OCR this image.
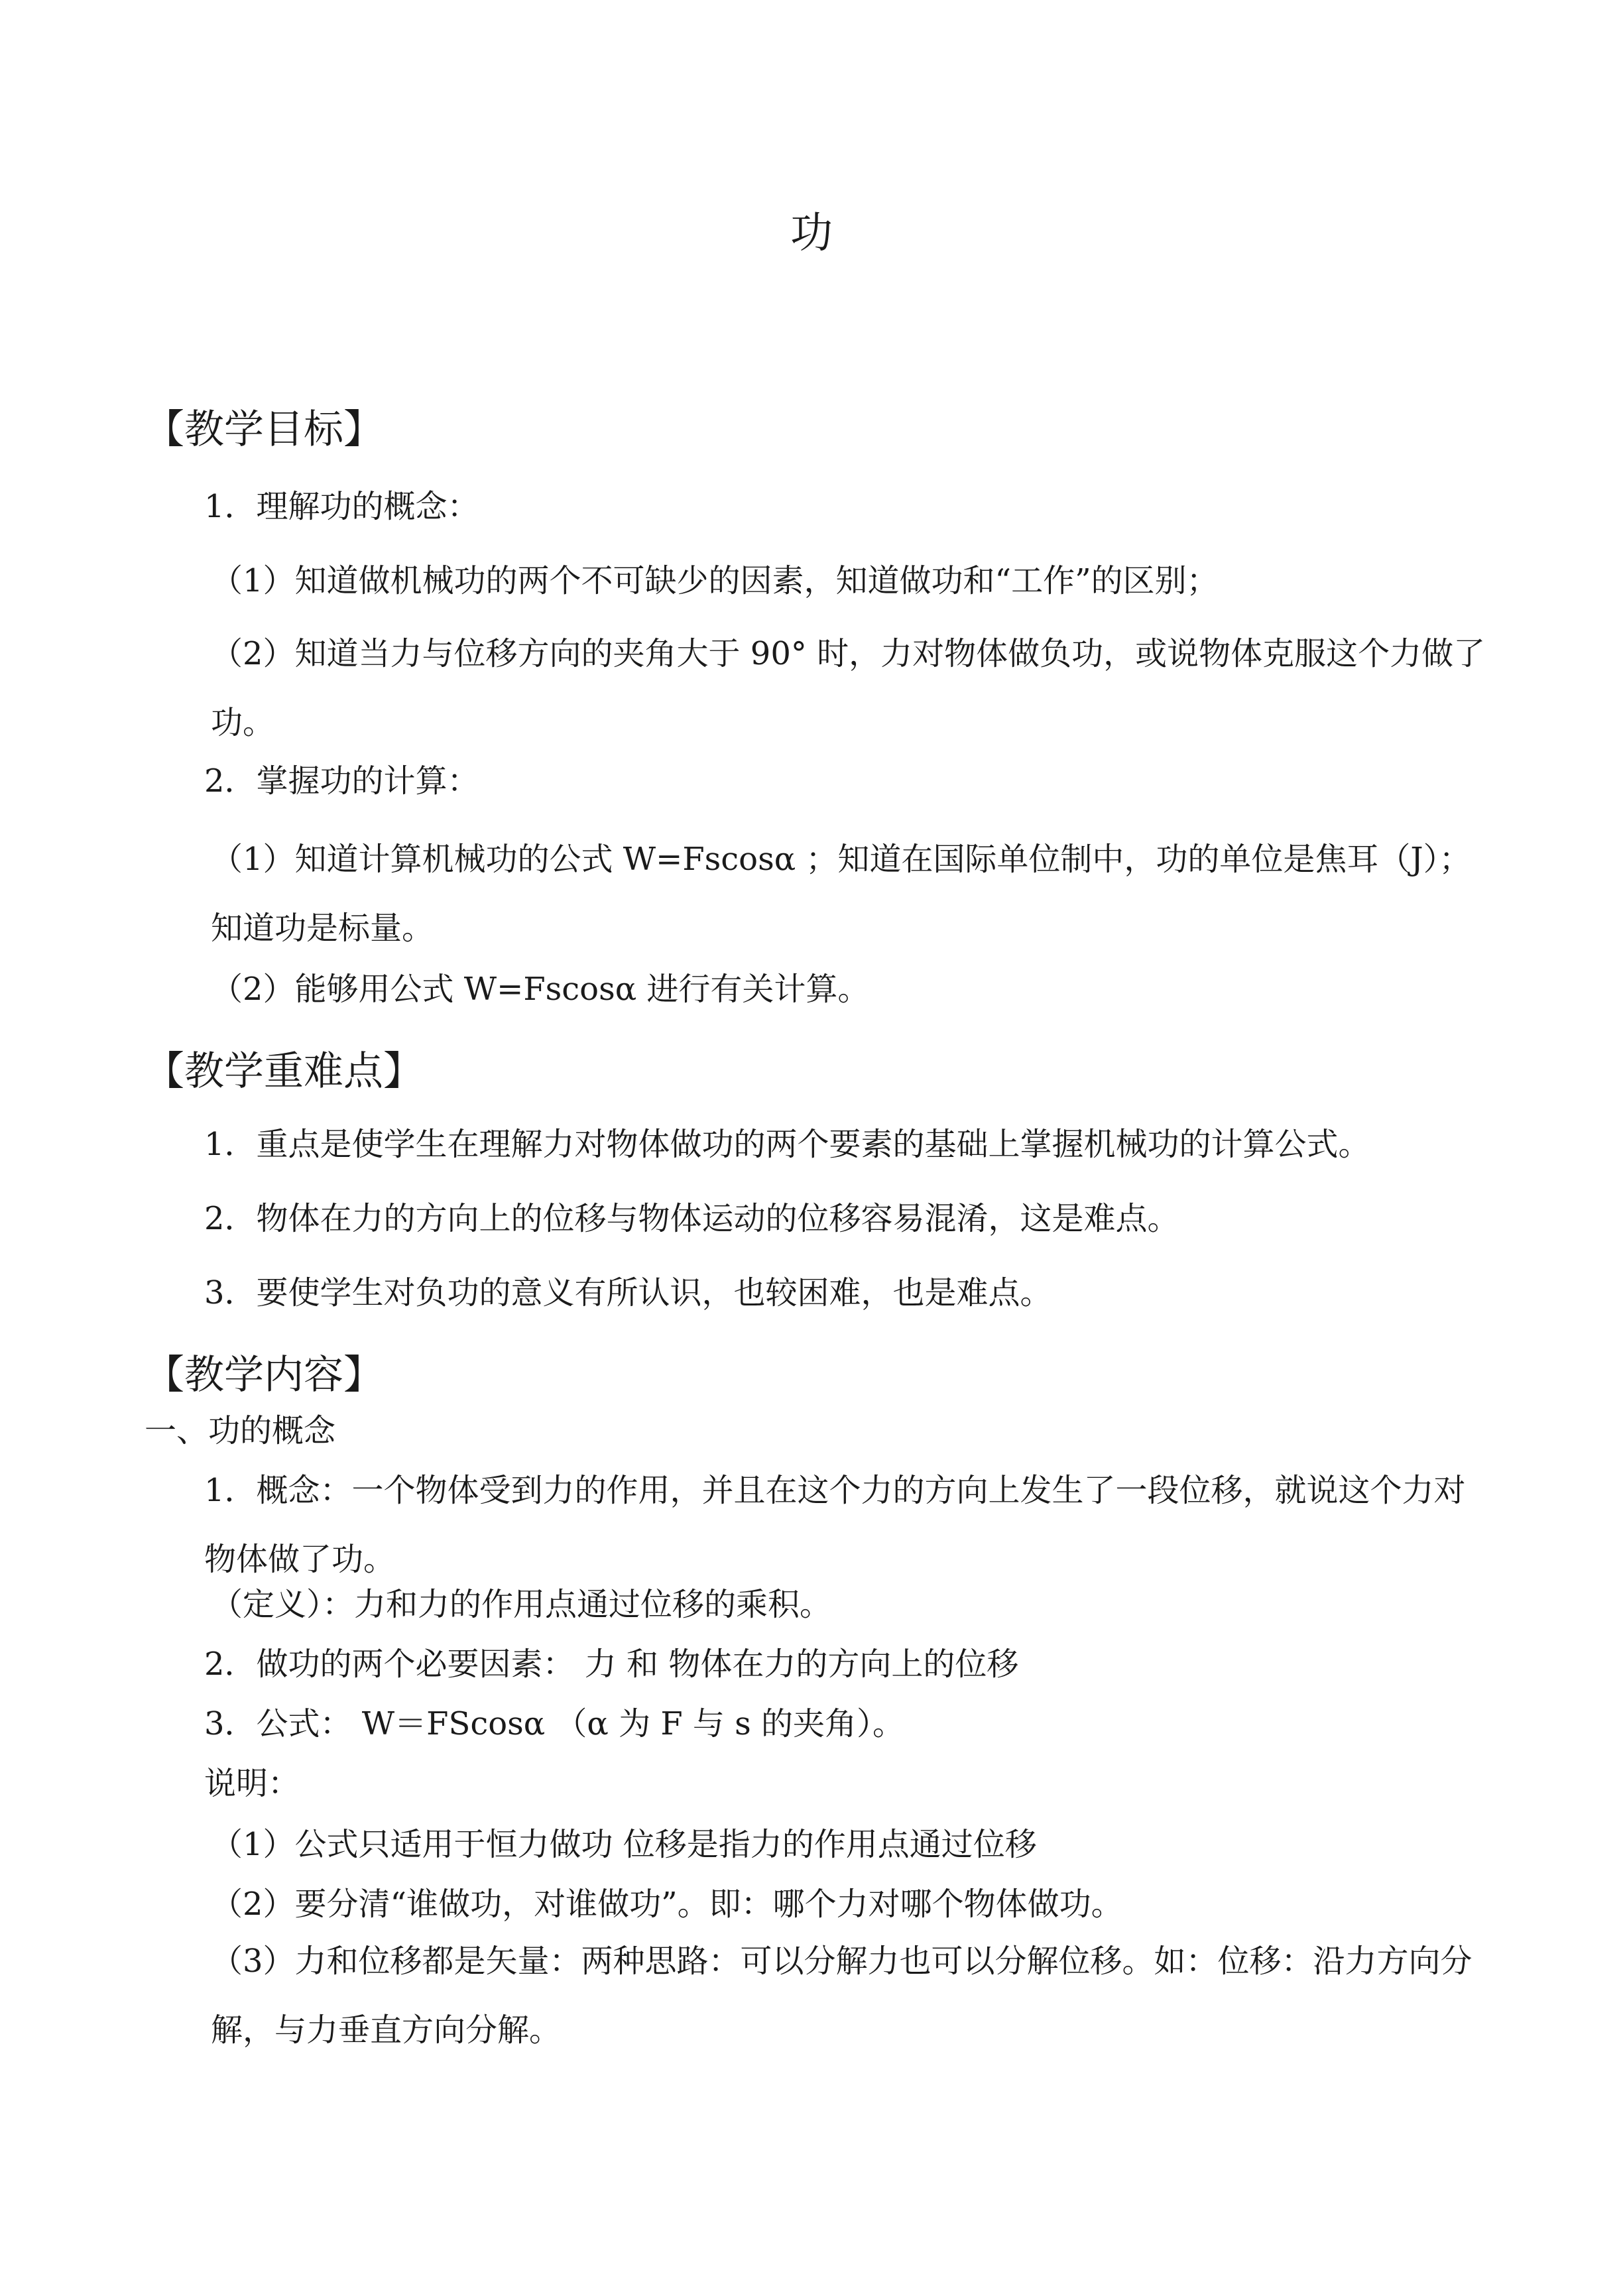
功
【教学目标】
1．理解功的概念：
（1）知道做机械功的两个不可缺少的因素，知道做功和“工作”的区别；
（2）知道当力与位移方向的夹角大于 90° 时，力对物体做负功，或说物体克服这个力做了功。
2．掌握功的计算：
（1）知道计算机械功的公式 W=Fscosα ；知道在国际单位制中，功的单位是焦耳（J）；知道功是标量。
（2）能够用公式 W=Fscosα 进行有关计算。
【教学重难点】
1．重点是使学生在理解力对物体做功的两个要素的基础上掌握机械功的计算公式。
2．物体在力的方向上的位移与物体运动的位移容易混淆，这是难点。
3．要使学生对负功的意义有所认识，也较困难，也是难点。
【教学内容】
一、功的概念
1．概念：一个物体受到力的作用，并且在这个力的方向上发生了一段位移，就说这个力对物体做了功。
（定义）：力和力的作用点通过位移的乘积。
2．做功的两个必要因素： 力 和 物体在力的方向上的位移
3．公式： W＝FScosα （α 为 F 与 s 的夹角）。
说明：
（1）公式只适用于恒力做功 位移是指力的作用点通过位移
（2）要分清“谁做功，对谁做功”。即：哪个力对哪个物体做功。
（3）力和位移都是矢量：两种思路：可以分解力也可以分解位移。如：位移：沿力方向分解，与力垂直方向分解。
